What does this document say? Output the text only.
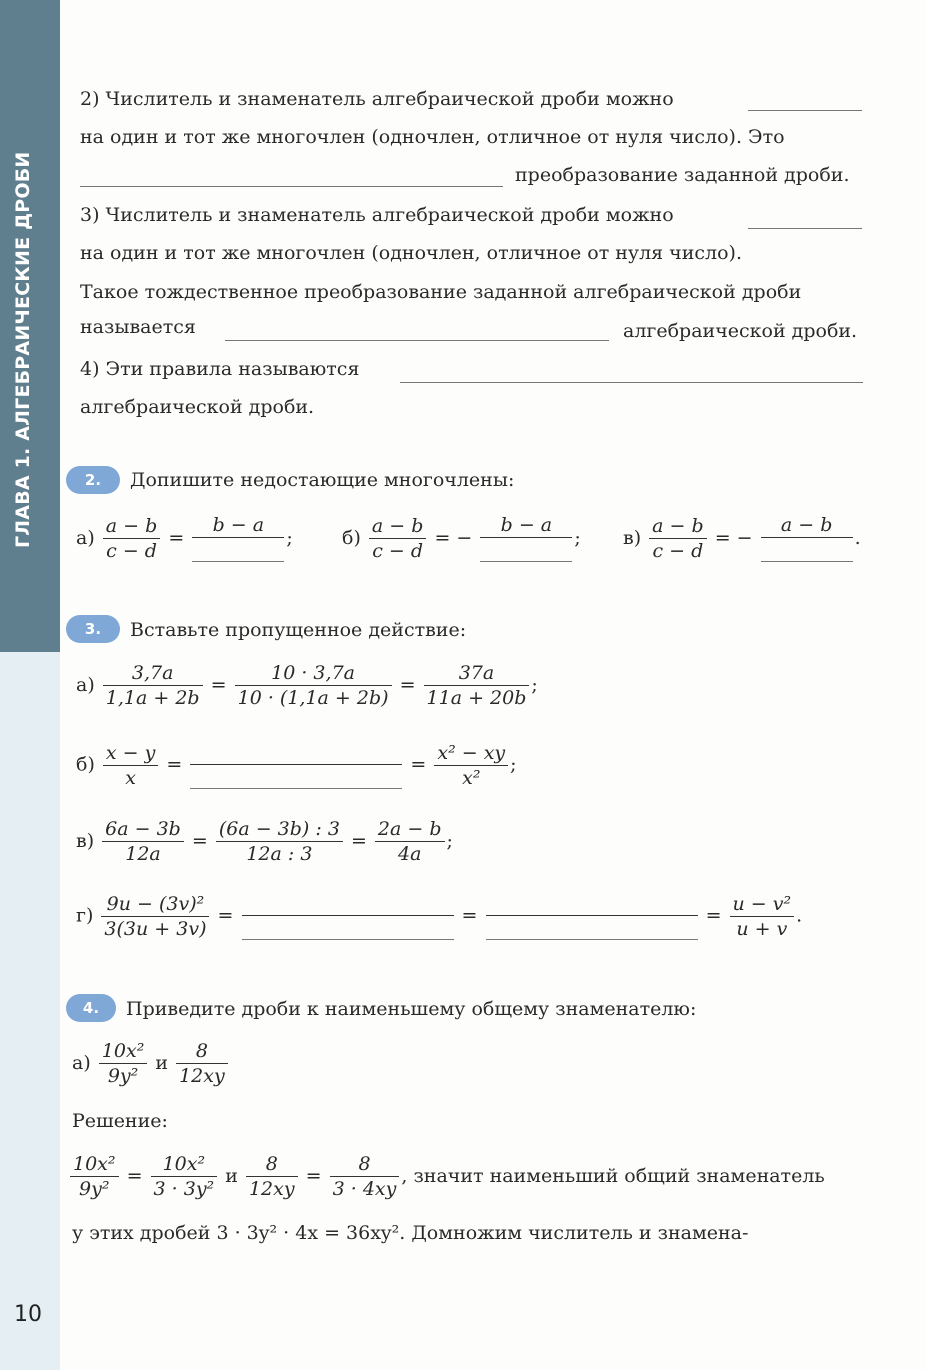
ГЛАВА 1. АЛГЕБРАИЧЕСКИЕ ДРОБИ
10
2) Числитель и знаменатель алгебраической дроби можно
на один и тот же многочлен (одночлен, отличное от нуля число). Это
преобразование заданной дроби.
3) Числитель и знаменатель алгебраической дроби можно
на один и тот же многочлен (одночлен, отличное от нуля число).
Такое тождественное преобразование заданной алгебраической дроби
называется	алгебраической дроби.
4) Эти правила называются
алгебраической дроби.
2.	Допишите недостающие многочлены:
$а) \frac{a - b}{c - d}$ =
b − a
;	$б) \frac{a - b}{c - d}$ = −
b − a
; $в) \frac{a - b}{c - d}$ = −
a − b
.
3.	Вставьте пропущенное действие:
$а) \frac{3,7a}{1,1a + 2b} = \frac{10 \cdot 3,7a}{10 \cdot (1,1a + 2b)} = \frac{37a}{11a + 20b}$ ;
$б) \frac{x - y}{x}$ =	= $\frac{\text{x² − xy}}{\text{x²}}$ ;
$в) \frac{6a - 3b}{12a} = \frac{(6a - 3b) : 3}{12a : 3} = \frac{2a - b}{4a}$ ;
$г) \frac{\text{9u − (3v)²}}{3(3u + 3v)}$ =	=	= $\frac{\text{u − v²}}{u + v}$ .
4.	Приведите дроби к наименьшему общему знаменателю:
$а) \frac{\text{10x²}}{\text{9y²}}$ и $\frac{8}{12xy}$
Решение:
$\frac{\text{10x²}}{\text{9y²}} = \frac{\text{10x²}}{\text{3 · 3y²}}$ и $\frac{8}{12xy} = \frac{8}{3 \cdot 4xy}$ , значит наименьший общий знаменатель
у этих дробей 3 · 3y² · 4x = 36xy². Домножим числитель и знамена-
